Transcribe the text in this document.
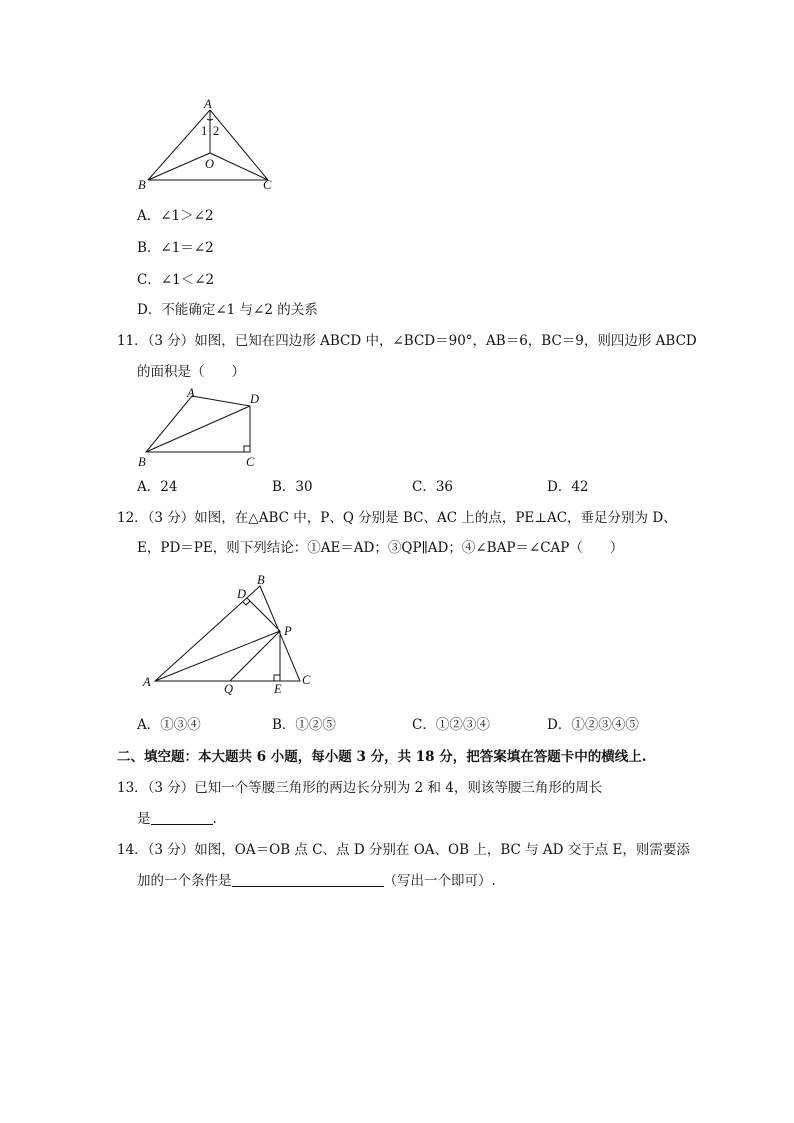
A
1 2
O
B	C
A．∠1＞∠2
B．∠1＝∠2
C．∠1＜∠2
D．不能确定∠1 与∠2 的关系
11．（3 分）如图，已知在四边形 ABCD 中，∠BCD＝90°，AB＝6，BC＝9，则四边形 ABCD
的面积是（　　）
A	D
B	C
A．24	B．30	C．36	D．42
12．（3 分）如图，在△ABC 中，P、Q 分别是 BC、AC 上的点，PE⊥AC，垂足分别为 D、
E，PD＝PE，则下列结论：①AE＝AD；③QP∥AD；④∠BAP＝∠CAP（　　）
B
D
P
A	Q	E
C
A．①③④	B．①②⑤	C．①②③④	D．①②③④⑤
二、填空题：本大题共 6 小题，每小题 3 分，共 18 分，把答案填在答题卡中的横线上.
13．（3 分）已知一个等腰三角形的两边长分别为 2 和 4，则该等腰三角形的周长
是	.
14．（3 分）如图，OA＝OB 点 C、点 D 分别在 OA、OB 上，BC 与 AD 交于点 E，则需要添
加的一个条件是	（写出一个即可）.
